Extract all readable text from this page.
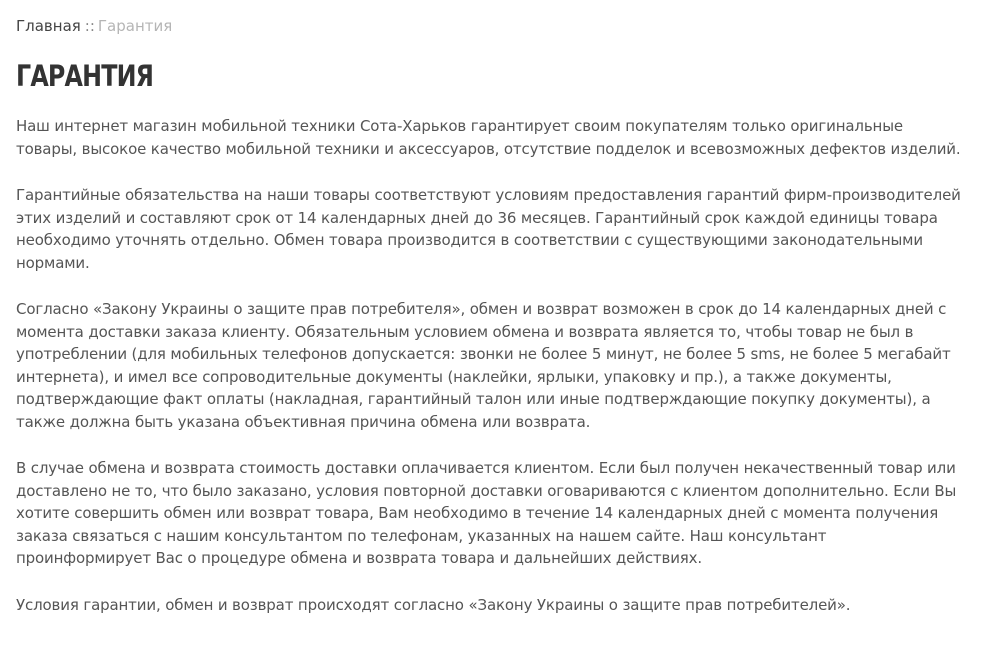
Главная :: Гарантия
ГАРАНТИЯ

Наш интернет магазин мобильной техники Сота-Харьков гарантирует своим покупателям только оригинальные товары, высокое качество мобильной техники и аксессуаров, отсутствие подделок и всевозможных дефектов изделий.

Гарантийные обязательства на наши товары соответствуют условиям предоставления гарантий фирм-производителей этих изделий и составляют срок от 14 календарных дней до 36 месяцев. Гарантийный срок каждой единицы товара необходимо уточнять отдельно. Обмен товара производится в соответствии с существующими законодательными нормами.

Согласно «Закону Украины о защите прав потребителя», обмен и возврат возможен в срок до 14 календарных дней с момента доставки заказа клиенту. Обязательным условием обмена и возврата является то, чтобы товар не был в употреблении (для мобильных телефонов допускается: звонки не более 5 минут, не более 5 sms, не более 5 мегабайт интернета), и имел все сопроводительные документы (наклейки, ярлыки, упаковку и пр.), а также документы, подтверждающие факт оплаты (накладная, гарантийный талон или иные подтверждающие покупку документы), а также должна быть указана объективная причина обмена или возврата.

В случае обмена и возврата стоимость доставки оплачивается клиентом. Если был получен некачественный товар или доставлено не то, что было заказано, условия повторной доставки оговариваются с клиентом дополнительно. Если Вы хотите совершить обмен или возврат товара, Вам необходимо в течение 14 календарных дней с момента получения заказа связаться с нашим консультантом по телефонам, указанных на нашем сайте. Наш консультант проинформирует Вас о процедуре обмена и возврата товара и дальнейших действиях.

Условия гарантии, обмен и возврат происходят согласно «Закону Украины о защите прав потребителей».
